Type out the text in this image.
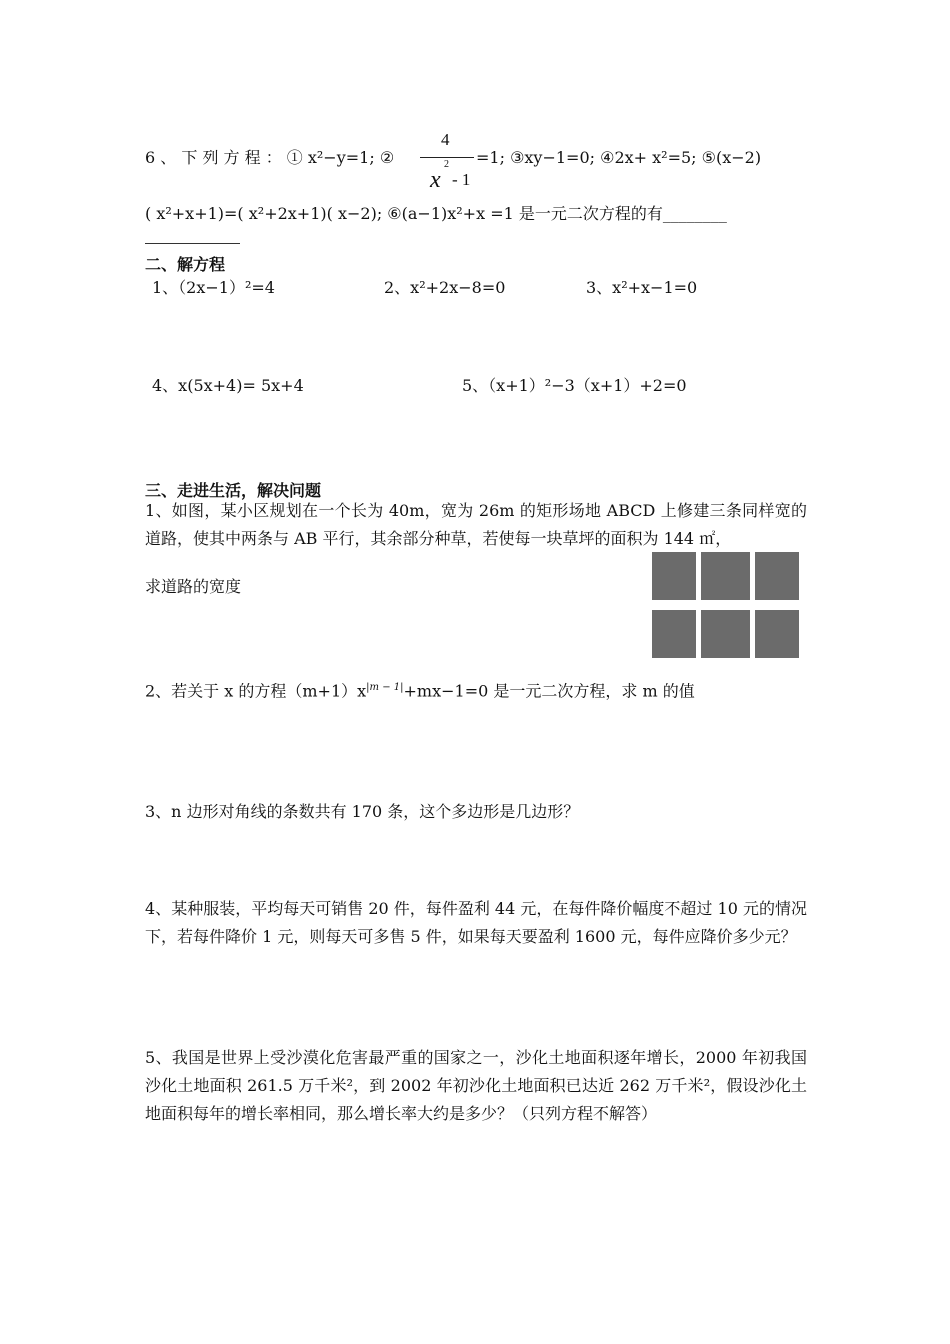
6 、 下 列 方 程 ： ① x²−y=1; ②
4
x
2
- 1
=1; ③xy−1=0; ④2x+ x²=5; ⑤(x−2)
( x²+x+1)=( x²+2x+1)( x−2); ⑥(a−1)x²+x =1 是一元二次方程的有________
二、解方程
1、（2x−1）²=4	2、x²+2x−8=0	3、x²+x−1=0
4、x(5x+4)= 5x+4	5、（x+1）²−3（x+1）+2=0
三、走进生活，解决问题
1、如图，某小区规划在一个长为 40m，宽为 26m 的矩形场地 ABCD 上修建三条同样宽的道路，使其中两条与 AB 平行，其余部分种草，若使每一块草坪的面积为 144 ㎡，
求道路的宽度
2、若关于 x 的方程$(m+1)x^{|m - 1|}+mx-1=0$ 是一元二次方程，求 m 的值
3、n 边形对角线的条数共有 170 条，这个多边形是几边形？
4、某种服装，平均每天可销售 20 件，每件盈利 44 元，在每件降价幅度不超过 10 元的情况下，若每件降价 1 元，则每天可多售 5 件，如果每天要盈利 1600 元，每件应降价多少元？
5、我国是世界上受沙漠化危害最严重的国家之一，沙化土地面积逐年增长，2000 年初我国沙化土地面积 261.5 万千米²，到 2002 年初沙化土地面积已达近 262 万千米²，假设沙化土地面积每年的增长率相同，那么增长率大约是多少？（只列方程不解答）
